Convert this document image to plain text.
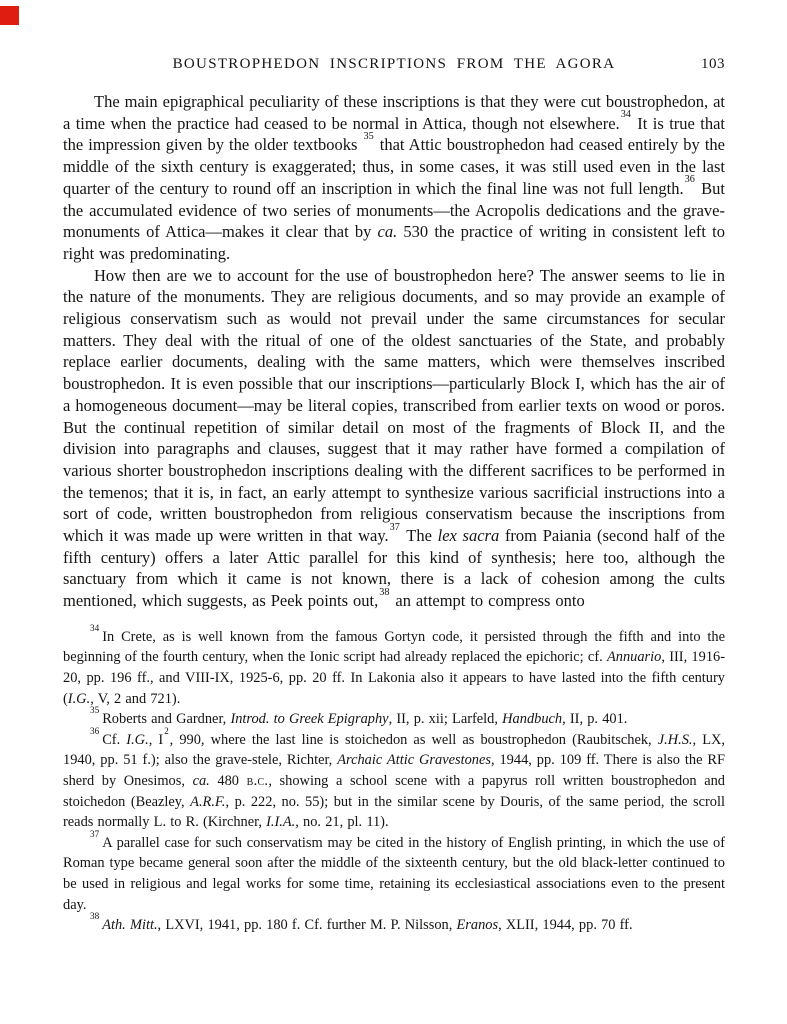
BOUSTROPHEDON INSCRIPTIONS FROM THE AGORA	103

The main epigraphical peculiarity of these inscriptions is that they were cut boustrophedon, at a time when the practice had ceased to be normal in Attica, though not elsewhere.$^{34}$ It is true that the impression given by the older textbooks $^{35}$ that Attic boustrophedon had ceased entirely by the middle of the sixth century is exaggerated; thus, in some cases, it was still used even in the last quarter of the century to round off an inscription in which the final line was not full length.$^{36}$ But the accumulated evidence of two series of monuments—the Acropolis dedications and the grave-monuments of Attica—makes it clear that by ca. 530 the practice of writing in consistent left to right was predominating.

How then are we to account for the use of boustrophedon here? The answer seems to lie in the nature of the monuments. They are religious documents, and so may provide an example of religious conservatism such as would not prevail under the same circumstances for secular matters. They deal with the ritual of one of the oldest sanctuaries of the State, and probably replace earlier documents, dealing with the same matters, which were themselves inscribed boustrophedon. It is even possible that our inscriptions—particularly Block I, which has the air of a homogeneous document—may be literal copies, transcribed from earlier texts on wood or poros. But the continual repetition of similar detail on most of the fragments of Block II, and the division into paragraphs and clauses, suggest that it may rather have formed a compilation of various shorter boustrophedon inscriptions dealing with the different sacrifices to be performed in the temenos; that it is, in fact, an early attempt to synthesize various sacrificial instructions into a sort of code, written boustrophedon from religious conservatism because the inscriptions from which it was made up were written in that way.$^{37}$ The lex sacra from Paiania (second half of the fifth century) offers a later Attic parallel for this kind of synthesis; here too, although the sanctuary from which it came is not known, there is a lack of cohesion among the cults mentioned, which suggests, as Peek points out,$^{38}$ an attempt to compress onto

$^{34}$In Crete, as is well known from the famous Gortyn code, it persisted through the fifth and into the beginning of the fourth century, when the Ionic script had already replaced the epichoric; cf. Annuario, III, 1916-20, pp. 196 ff., and VIII-IX, 1925-6, pp. 20 ff. In Lakonia also it appears to have lasted into the fifth century (I.G., V, 2 and 721).

$^{35}$Roberts and Gardner, Introd. to Greek Epigraphy, II, p. xii; Larfeld, Handbuch, II, p. 401.

$^{36}$Cf. I.G., $I^2$, 990, where the last line is stoichedon as well as boustrophedon (Raubitschek, J.H.S., LX, 1940, pp. 51 f.); also the grave-stele, Richter, Archaic Attic Gravestones, 1944, pp. 109 ff. There is also the RF sherd by Onesimos, ca. 480 b.c., showing a school scene with a papyrus roll written boustrophedon and stoichedon (Beazley, A.R.F., p. 222, no. 55); but in the similar scene by Douris, of the same period, the scroll reads normally L. to R. (Kirchner, I.I.A., no. 21, pl. 11).

$^{37}$A parallel case for such conservatism may be cited in the history of English printing, in which the use of Roman type became general soon after the middle of the sixteenth century, but the old black-letter continued to be used in religious and legal works for some time, retaining its ecclesiastical associations even to the present day.

$^{38}$Ath. Mitt., LXVI, 1941, pp. 180 f. Cf. further M. P. Nilsson, Eranos, XLII, 1944, pp. 70 ff.
